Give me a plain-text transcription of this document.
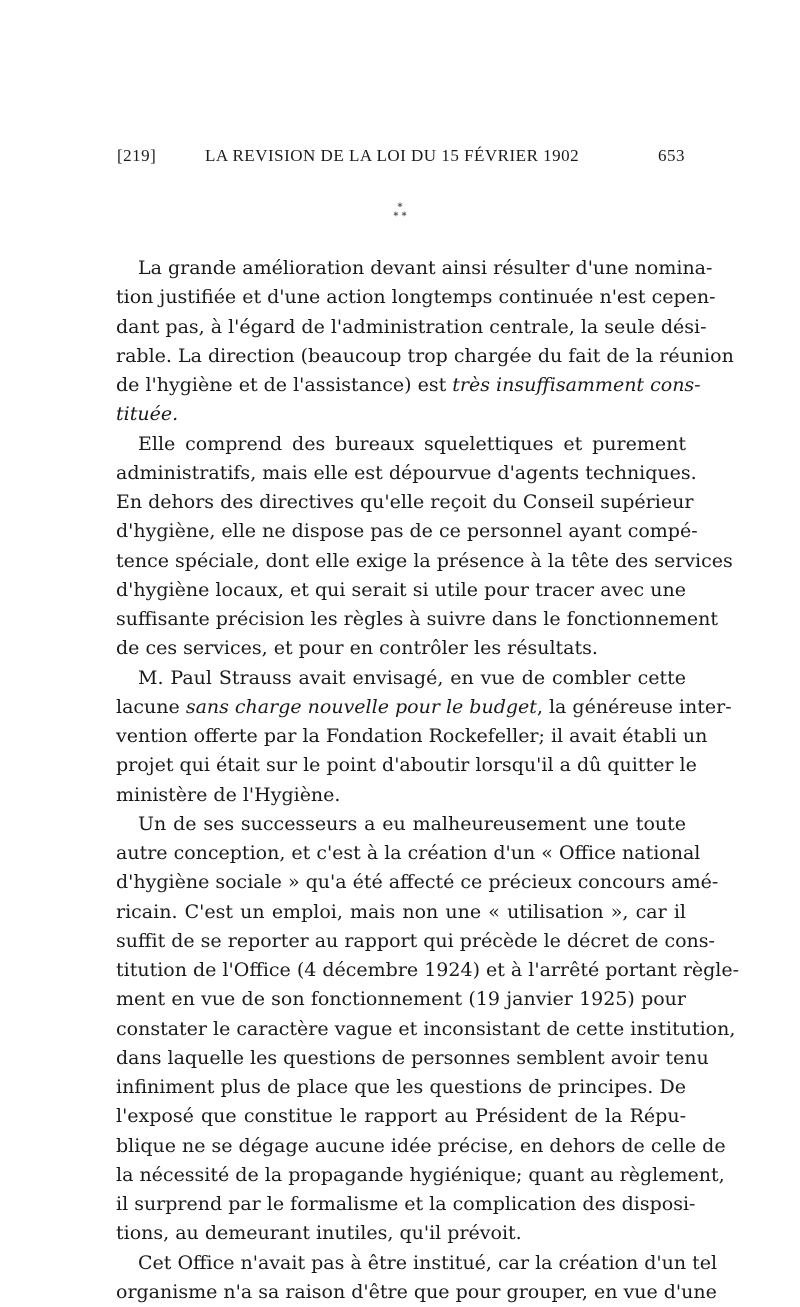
[219]	LA REVISION DE LA LOI DU 15 FÉVRIER 1902	653
*
* *
La grande amélioration devant ainsi résulter d'une nomina-
tion justifiée et d'une action longtemps continuée n'est cepen-
dant pas, à l'égard de l'administration centrale, la seule dési-
rable. La direction (beaucoup trop chargée du fait de la réunion
de l'hygiène et de l'assistance) est très insuffisamment cons-
tituée.
Elle comprend des bureaux squelettiques et purement
administratifs, mais elle est dépourvue d'agents techniques.
En dehors des directives qu'elle reçoit du Conseil supérieur
d'hygiène, elle ne dispose pas de ce personnel ayant compé-
tence spéciale, dont elle exige la présence à la tête des services
d'hygiène locaux, et qui serait si utile pour tracer avec une
suffisante précision les règles à suivre dans le fonctionnement
de ces services, et pour en contrôler les résultats.
M. Paul Strauss avait envisagé, en vue de combler cette
lacune sans charge nouvelle pour le budget, la généreuse inter-
vention offerte par la Fondation Rockefeller; il avait établi un
projet qui était sur le point d'aboutir lorsqu'il a dû quitter le
ministère de l'Hygiène.
Un de ses successeurs a eu malheureusement une toute
autre conception, et c'est à la création d'un « Office national
d'hygiène sociale » qu'a été affecté ce précieux concours amé-
ricain. C'est un emploi, mais non une « utilisation », car il
suffit de se reporter au rapport qui précède le décret de cons-
titution de l'Office (4 décembre 1924) et à l'arrêté portant règle-
ment en vue de son fonctionnement (19 janvier 1925) pour
constater le caractère vague et inconsistant de cette institution,
dans laquelle les questions de personnes semblent avoir tenu
infiniment plus de place que les questions de principes. De
l'exposé que constitue le rapport au Président de la Répu-
blique ne se dégage aucune idée précise, en dehors de celle de
la nécessité de la propagande hygiénique; quant au règlement,
il surprend par le formalisme et la complication des disposi-
tions, au demeurant inutiles, qu'il prévoit.
Cet Office n'avait pas à être institué, car la création d'un tel
organisme n'a sa raison d'être que pour grouper, en vue d'une
